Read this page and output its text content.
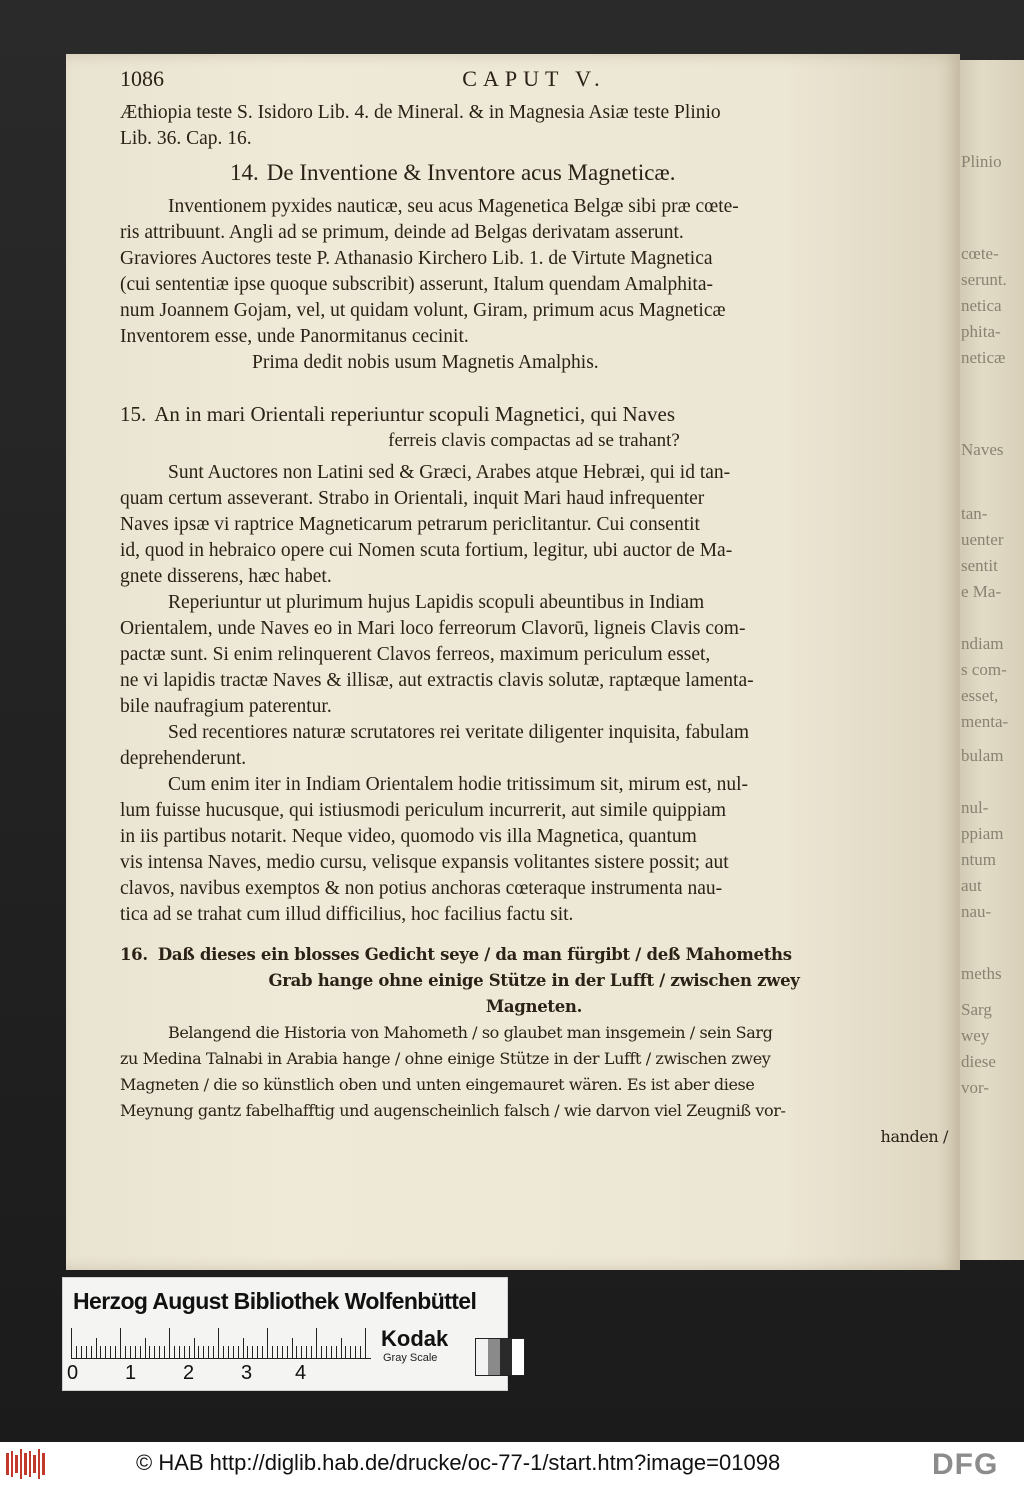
Plinio
cœte-
serunt.
netica
phita-
neticæ
Naves
tan-
uenter
sentit
e Ma-
ndiam
s com-
esset,
menta-
bulam
nul-
ppiam
ntum
aut
nau-
meths
Sarg
wey
diese
vor-
1086	CAPUT V.
Æthiopia teste S. Isidoro Lib. 4. de Mineral. & in Magnesia Asiæ teste Plinio
Lib. 36. Cap. 16.
14. De Inventione & Inventore acus Magneticæ.
Inventionem pyxides nauticæ, seu acus Magenetica Belgæ sibi præ cœte-
ris attribuunt. Angli ad se primum, deinde ad Belgas derivatam asserunt.
Graviores Auctores teste P. Athanasio Kirchero Lib. 1. de Virtute Magnetica
(cui sententiæ ipse quoque subscribit) asserunt, Italum quendam Amalphita-
num Joannem Gojam, vel, ut quidam volunt, Giram, primum acus Magneticæ
Inventorem esse, unde Panormitanus cecinit.
Prima dedit nobis usum Magnetis Amalphis.
15. An in mari Orientali reperiuntur scopuli Magnetici, qui Naves
ferreis clavis compactas ad se trahant?
Sunt Auctores non Latini sed & Græci, Arabes atque Hebræi, qui id tan-
quam certum asseverant. Strabo in Orientali, inquit Mari haud infrequenter
Naves ipsæ vi raptrice Magneticarum petrarum periclitantur. Cui consentit
id, quod in hebraico opere cui Nomen scuta fortium, legitur, ubi auctor de Ma-
gnete disserens, hæc habet.
Reperiuntur ut plurimum hujus Lapidis scopuli abeuntibus in Indiam
Orientalem, unde Naves eo in Mari loco ferreorum Clavorū, ligneis Clavis com-
pactæ sunt. Si enim relinquerent Clavos ferreos, maximum periculum esset,
ne vi lapidis tractæ Naves & illisæ, aut extractis clavis solutæ, raptæque lamenta-
bile naufragium paterentur.
Sed recentiores naturæ scrutatores rei veritate diligenter inquisita, fabulam
deprehenderunt.
Cum enim iter in Indiam Orientalem hodie tritissimum sit, mirum est, nul-
lum fuisse hucusque, qui istiusmodi periculum incurrerit, aut simile quippiam
in iis partibus notarit. Neque video, quomodo vis illa Magnetica, quantum
vis intensa Naves, medio cursu, velisque expansis volitantes sistere possit; aut
clavos, navibus exemptos & non potius anchoras cœteraque instrumenta nau-
tica ad se trahat cum illud difficilius, hoc facilius factu sit.
16. Daß dieses ein blosses Gedicht seye / da man fürgibt / deß Mahomeths
Grab hange ohne einige Stütze in der Lufft / zwischen zwey
Magneten.
Belangend die Historia von Mahometh / so glaubet man insgemein / sein Sarg
zu Medina Talnabi in Arabia hange / ohne einige Stütze in der Lufft / zwischen zwey
Magneten / die so künstlich oben und unten eingemauret wären. Es ist aber diese
Meynung gantz fabelhafftig und augenscheinlich falsch / wie darvon viel Zeugniß vor-
handen /
Herzog August Bibliothek Wolfenbüttel
0 1 2 3 4
Kodak
Gray Scale
© HAB http://diglib.hab.de/drucke/oc-77-1/start.htm?image=01098	DFG
